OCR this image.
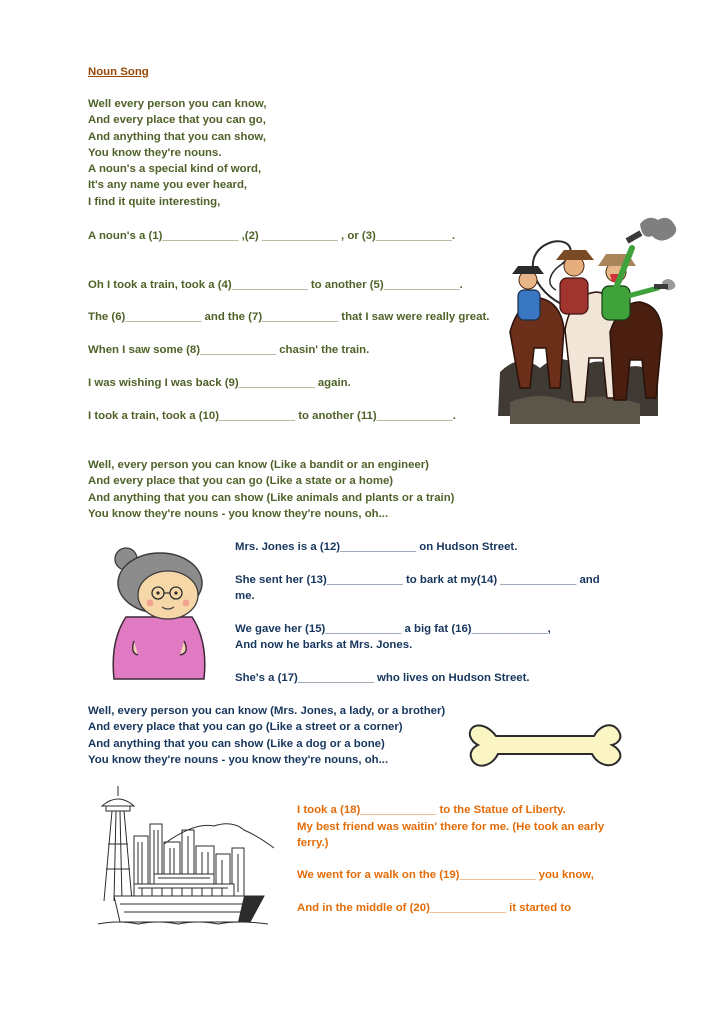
Noun Song
Well every person you can know,
And every place that you can go,
And anything that you can show,
You know they're nouns.
A noun's a special kind of word,
It's any name you ever heard,
I find it quite interesting,
A noun's a (1)____________ ,(2) ____________ , or (3)____________.
Oh I took a train, took a (4)____________ to another (5)____________.
The (6)____________ and the (7)____________ that I saw were really great.
When I saw some (8)____________ chasin' the train.
I was wishing I was back (9)____________ again.
I took a train, took a (10)____________ to another (11)____________.
Well, every person you can know (Like a bandit or an engineer)
And every place that you can go (Like a state or a home)
And anything that you can show (Like animals and plants or a train)
You know they're nouns - you know they're nouns, oh...
Mrs. Jones is a (12)____________ on Hudson Street.
She sent her (13)____________ to bark at my(14) ____________ and
me.
We gave her (15)____________ a big fat (16)____________,
And now he barks at Mrs. Jones.
She's a (17)____________ who lives on Hudson Street.
Well, every person you can know (Mrs. Jones, a lady, or a brother)
And every place that you can go (Like a street or a corner)
And anything that you can show (Like a dog or a bone)
You know they're nouns - you know they're nouns, oh...
I took a (18)____________ to the Statue of Liberty.
My best friend was waitin' there for me. (He took an early
ferry.)
We went for a walk on the (19)____________ you know,
And in the middle of (20)____________ it started to
